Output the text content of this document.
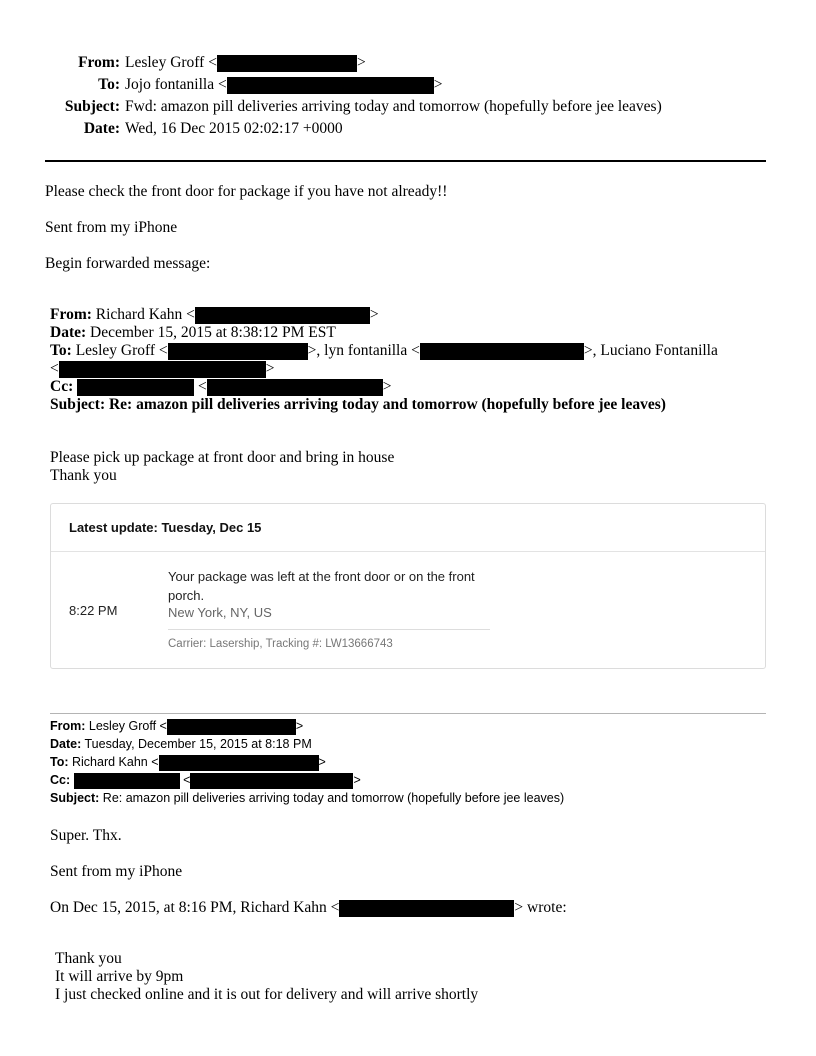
From: Lesley Groff <	>
To: Jojo fontanilla <	>
Subject: Fwd: amazon pill deliveries arriving today and tomorrow (hopefully before jee leaves)
Date: Wed, 16 Dec 2015 02:02:17 +0000
Please check the front door for package if you have not already!!
Sent from my iPhone
Begin forwarded message:
From: Richard Kahn <	>
Date: December 15, 2015 at 8:38:12 PM EST
To: Lesley Groff <	>, lyn fontanilla <	>, Luciano Fontanilla
<	>
Cc:	<	>
Subject: Re: amazon pill deliveries arriving today and tomorrow (hopefully before jee leaves)
Please pick up package at front door and bring in house
Thank you
Latest update: Tuesday, Dec 15
8:22 PM
Your package was left at the front door or on the front porch.
New York, NY, US
Carrier: Lasership, Tracking #: LW13666743
From: Lesley Groff <	>
Date: Tuesday, December 15, 2015 at 8:18 PM
To: Richard Kahn <	>
Cc:	<	>
Subject: Re: amazon pill deliveries arriving today and tomorrow (hopefully before jee leaves)
Super. Thx.
Sent from my iPhone
On Dec 15, 2015, at 8:16 PM, Richard Kahn <	> wrote:
Thank you
It will arrive by 9pm
I just checked online and it is out for delivery and will arrive shortly
